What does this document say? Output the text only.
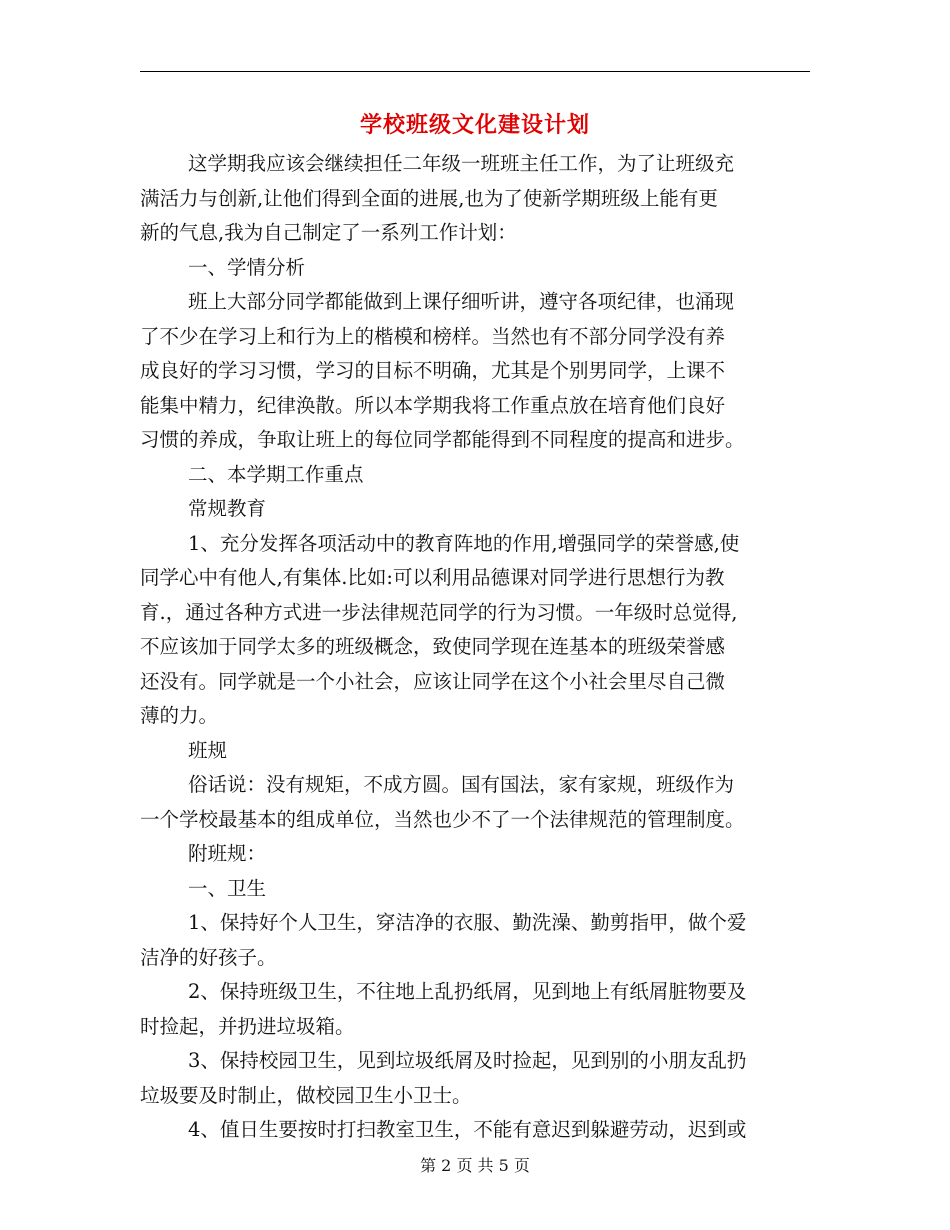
学校班级文化建设计划
这学期我应该会继续担任二年级一班班主任工作，为了让班级充
满活力与创新,让他们得到全面的进展,也为了使新学期班级上能有更
新的气息,我为自己制定了一系列工作计划：
一、学情分析
班上大部分同学都能做到上课仔细听讲，遵守各项纪律，也涌现
了不少在学习上和行为上的楷模和榜样。当然也有不部分同学没有养
成良好的学习习惯，学习的目标不明确，尤其是个别男同学，上课不
能集中精力，纪律涣散。所以本学期我将工作重点放在培育他们良好
习惯的养成，争取让班上的每位同学都能得到不同程度的提高和进步。
二、本学期工作重点
常规教育
1、充分发挥各项活动中的教育阵地的作用,增强同学的荣誉感,使
同学心中有他人,有集体.比如:可以利用品德课对同学进行思想行为教
育.，通过各种方式进一步法律规范同学的行为习惯。一年级时总觉得,
不应该加于同学太多的班级概念，致使同学现在连基本的班级荣誉感
还没有。同学就是一个小社会，应该让同学在这个小社会里尽自己微
薄的力。
班规
俗话说：没有规矩，不成方圆。国有国法，家有家规，班级作为
一个学校最基本的组成单位，当然也少不了一个法律规范的管理制度。
附班规：
一、卫生
1、保持好个人卫生，穿洁净的衣服、勤洗澡、勤剪指甲，做个爱
洁净的好孩子。
2、保持班级卫生，不往地上乱扔纸屑，见到地上有纸屑脏物要及
时捡起，并扔进垃圾箱。
3、保持校园卫生，见到垃圾纸屑及时捡起，见到别的小朋友乱扔
垃圾要及时制止，做校园卫生小卫士。
4、值日生要按时打扫教室卫生，不能有意迟到躲避劳动，迟到或
第 2 页 共 5 页
